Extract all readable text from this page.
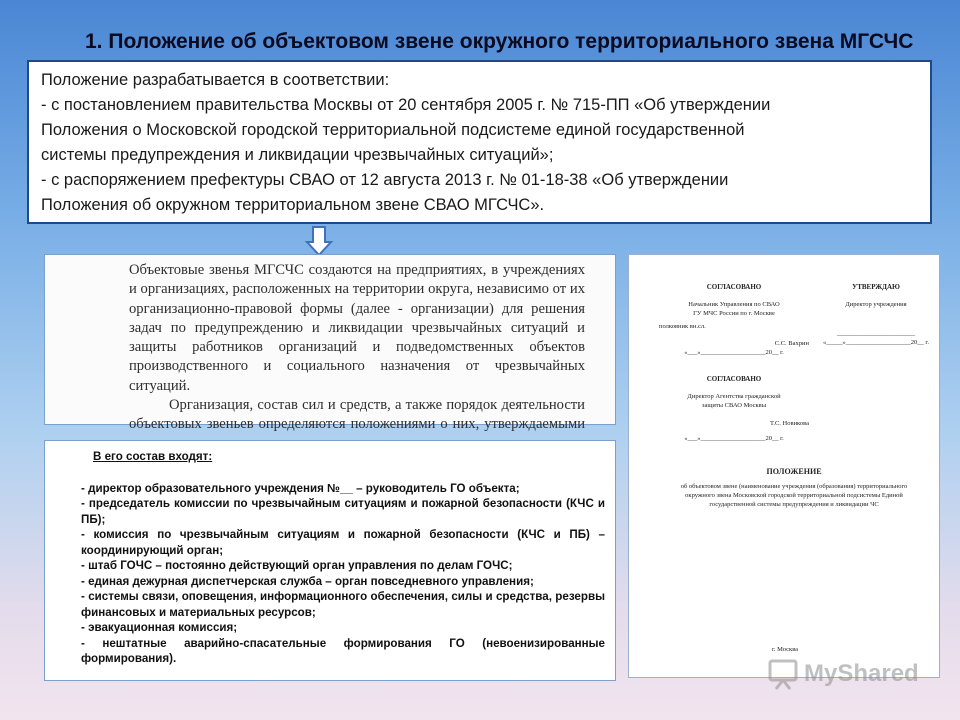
1. Положение об объектовом звене окружного территориального звена МГСЧС

Положение разрабатывается в соответствии:

- с постановлением правительства Москвы от 20 сентября 2005 г. № 715-ПП «Об утверждении

Положения о Московской городской территориальной подсистеме единой государственной

системы предупреждения и ликвидации чрезвычайных ситуаций»;

- с распоряжением префектуры СВАО от 12 августа 2013 г. № 01-18-38 «Об утверждении

Положения об окружном территориальном звене СВАО МГСЧС».

Объектовые звенья МГСЧС создаются на предприятиях, в учреждениях и организациях, расположенных на территории округа, независимо от их организационно-правовой формы (далее - организации) для решения задач по предупреждению и ликвидации чрезвычайных ситуаций и защиты работников организаций и подведомственных объектов производственного и социального назначения от чрезвычайных ситуаций.

Организация, состав сил и средств, а также порядок деятельности объектовых звеньев определяются положениями о них, утверждаемыми

В его состав входят:
- директор образовательного учреждения №__ – руководитель ГО объекта;
- председатель комиссии по чрезвычайным ситуациям и пожарной безопасности (КЧС и ПБ);
- комиссия по чрезвычайным ситуациям и пожарной безопасности (КЧС и ПБ) – координирующий орган;
- штаб ГОЧС – постоянно действующий орган управления по делам ГОЧС;
- единая дежурная диспетчерская служба – орган повседневного управления;
- системы связи, оповещения, информационного обеспечения, силы и средства, резервы финансовых и материальных ресурсов;
- эвакуационная комиссия;
- нештатные аварийно-спасательные формирования ГО (невоенизированные формирования).
СОГЛАСОВАНО
Начальник Управления по СВАО
ГУ МЧС России по г. Москве
полковник вн.сл.
С.С. Вахрин
«___»____________________20__ г.
СОГЛАСОВАНО
Директор Агентства гражданской
защиты СВАО Москвы
Т.С. Новикова
«___»____________________20__ г.
УТВЕРЖДАЮ
Директор учреждения
________________________
«_____»____________________20__ г.
ПОЛОЖЕНИЕ
об объектовом звене (наименование учреждения (образования) территориального окружного звена Московской городской территориальной подсистемы Единой государственной системы предупреждения и ликвидации ЧС
г. Москва
MyShared
